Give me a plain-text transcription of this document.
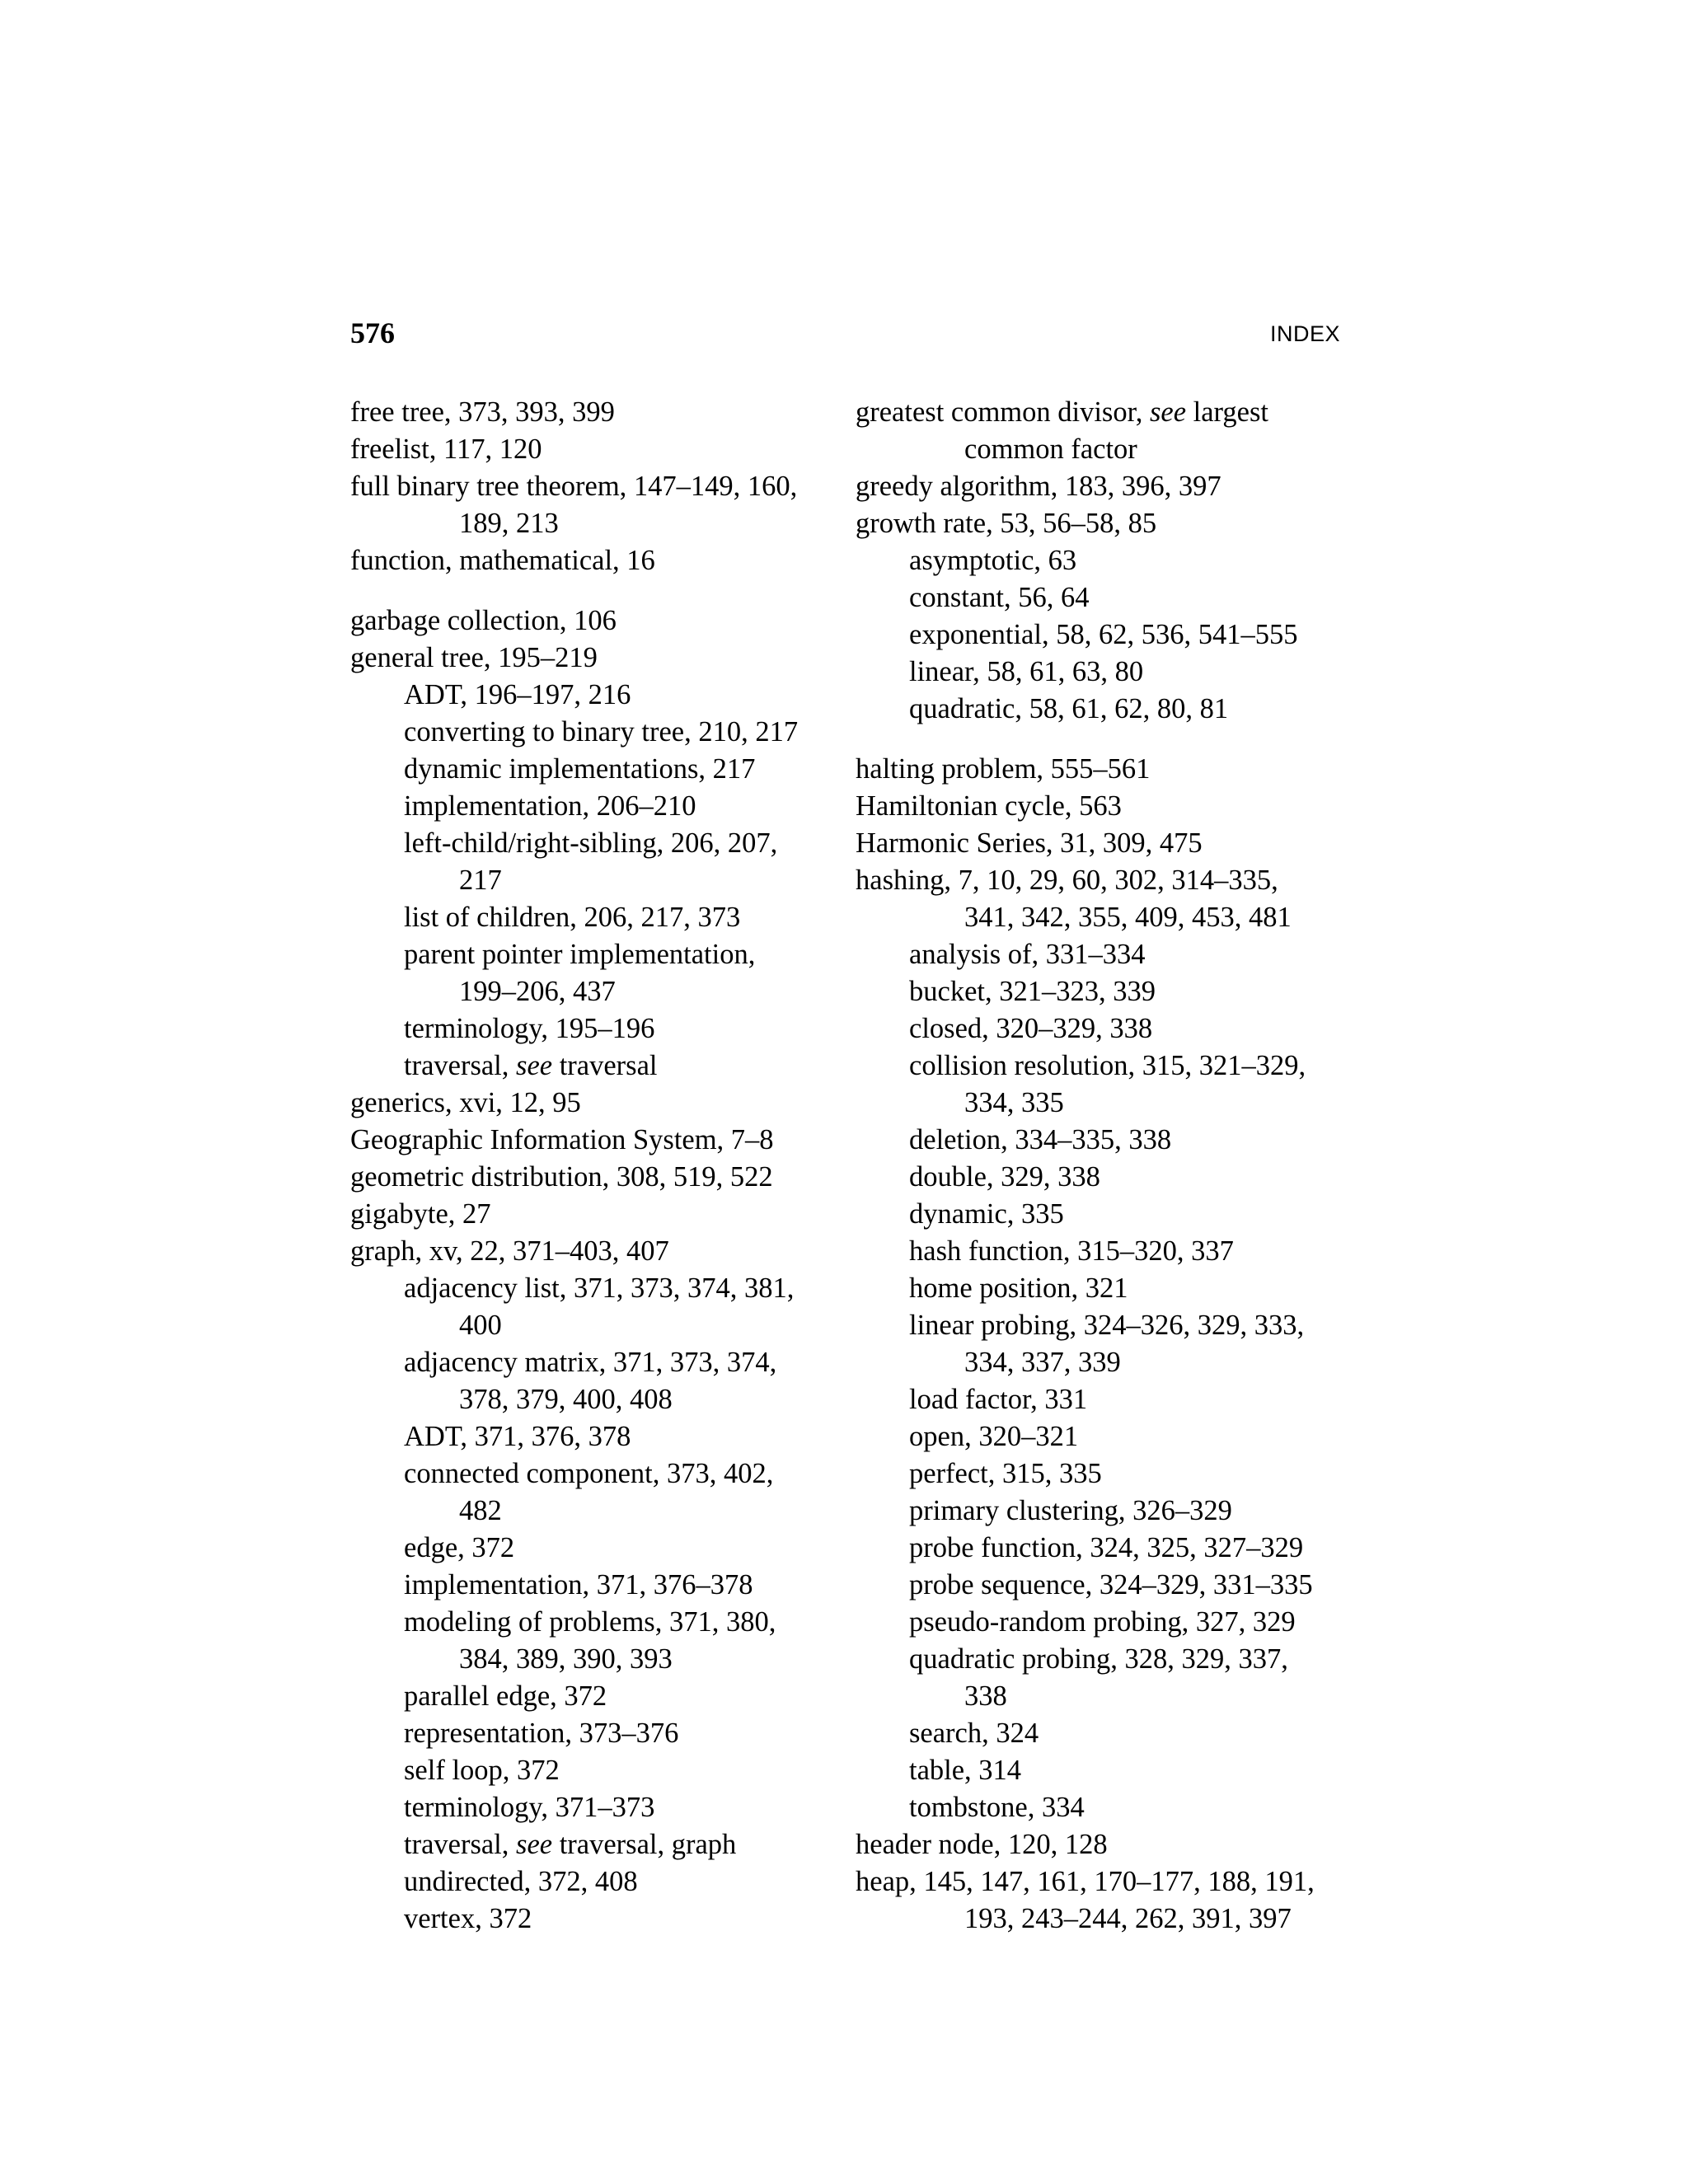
576	INDEX
free tree, 373, 393, 399
freelist, 117, 120
full binary tree theorem, 147–149, 160,
189, 213
function, mathematical, 16
garbage collection, 106
general tree, 195–219
ADT, 196–197, 216
converting to binary tree, 210, 217
dynamic implementations, 217
implementation, 206–210
left-child/right-sibling, 206, 207,
217
list of children, 206, 217, 373
parent pointer implementation,
199–206, 437
terminology, 195–196
traversal, see traversal
generics, xvi, 12, 95
Geographic Information System, 7–8
geometric distribution, 308, 519, 522
gigabyte, 27
graph, xv, 22, 371–403, 407
adjacency list, 371, 373, 374, 381,
400
adjacency matrix, 371, 373, 374,
378, 379, 400, 408
ADT, 371, 376, 378
connected component, 373, 402,
482
edge, 372
implementation, 371, 376–378
modeling of problems, 371, 380,
384, 389, 390, 393
parallel edge, 372
representation, 373–376
self loop, 372
terminology, 371–373
traversal, see traversal, graph
undirected, 372, 408
vertex, 372
greatest common divisor, see largest
common factor
greedy algorithm, 183, 396, 397
growth rate, 53, 56–58, 85
asymptotic, 63
constant, 56, 64
exponential, 58, 62, 536, 541–555
linear, 58, 61, 63, 80
quadratic, 58, 61, 62, 80, 81
halting problem, 555–561
Hamiltonian cycle, 563
Harmonic Series, 31, 309, 475
hashing, 7, 10, 29, 60, 302, 314–335,
341, 342, 355, 409, 453, 481
analysis of, 331–334
bucket, 321–323, 339
closed, 320–329, 338
collision resolution, 315, 321–329,
334, 335
deletion, 334–335, 338
double, 329, 338
dynamic, 335
hash function, 315–320, 337
home position, 321
linear probing, 324–326, 329, 333,
334, 337, 339
load factor, 331
open, 320–321
perfect, 315, 335
primary clustering, 326–329
probe function, 324, 325, 327–329
probe sequence, 324–329, 331–335
pseudo-random probing, 327, 329
quadratic probing, 328, 329, 337,
338
search, 324
table, 314
tombstone, 334
header node, 120, 128
heap, 145, 147, 161, 170–177, 188, 191,
193, 243–244, 262, 391, 397
